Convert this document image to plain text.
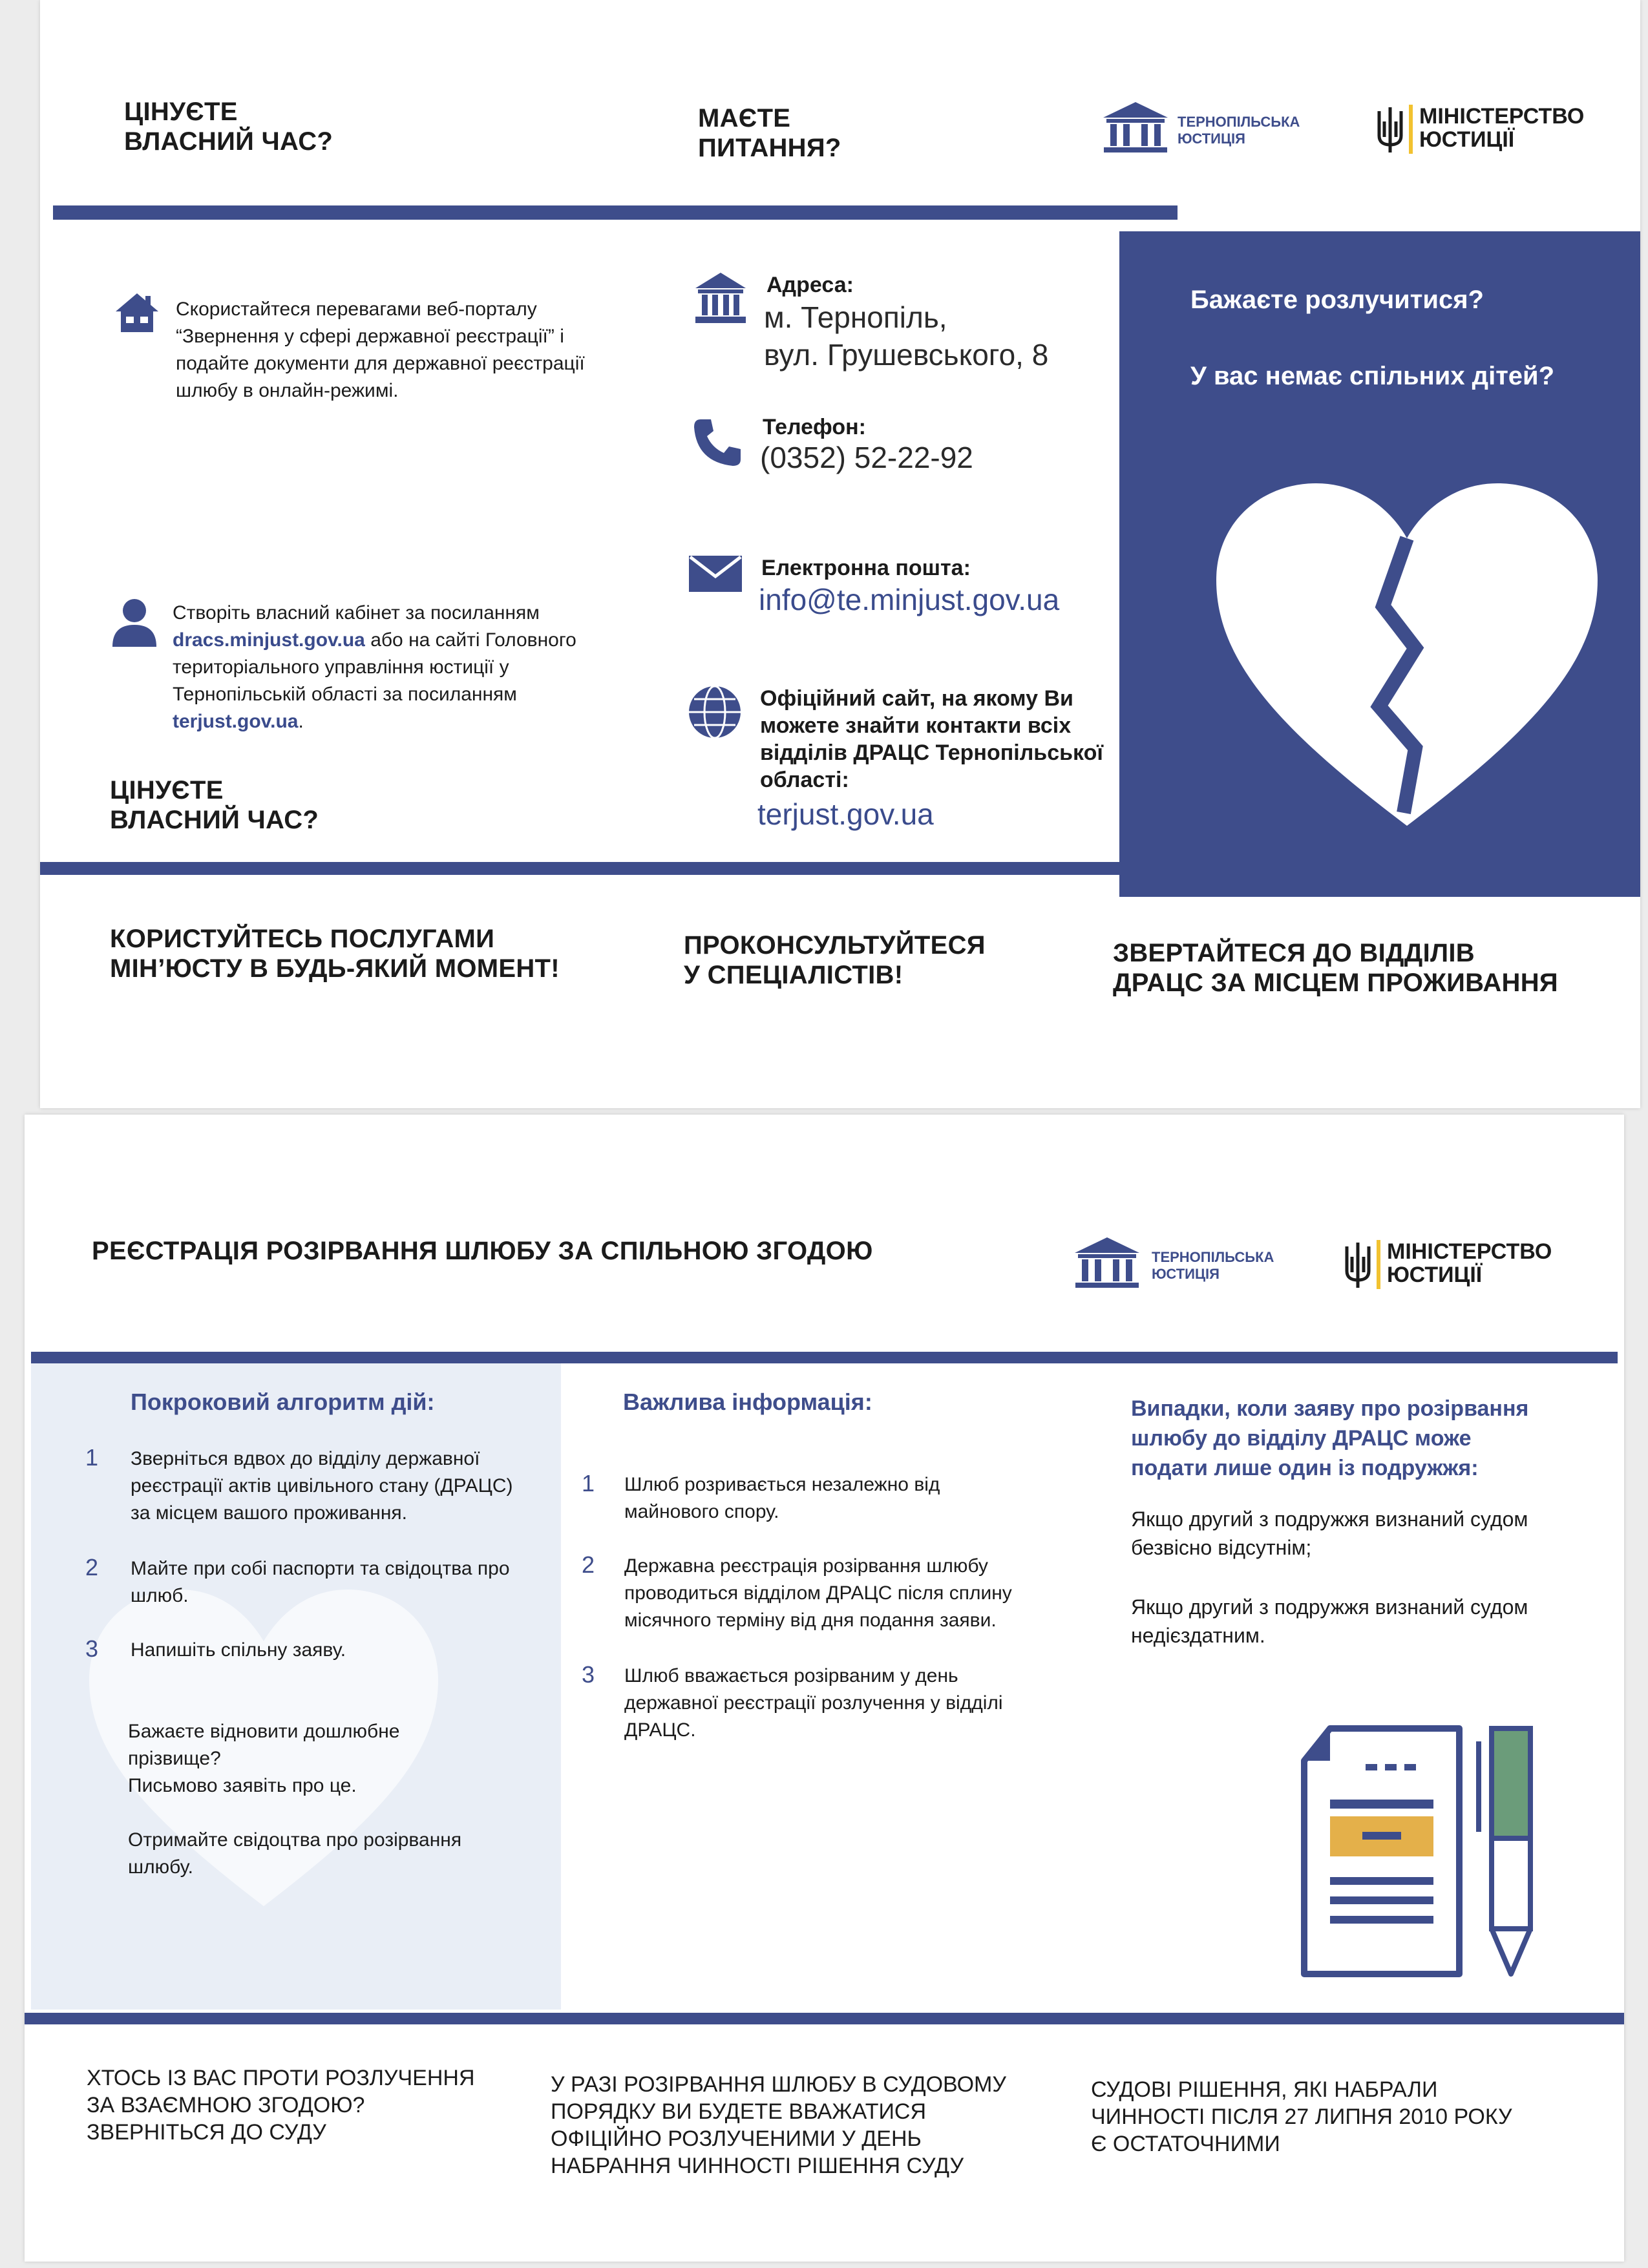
ЦІНУЄТЕ
ВЛАСНИЙ ЧАС?
МАЄТЕ
ПИТАННЯ?
ТЕРНОПІЛЬСЬКА
ЮСТИЦІЯ
МІНІСТЕРСТВО
ЮСТИЦІЇ
Бажаєте розлучитися?
У вас немає спільних дітей?
Скористайтеся перевагами веб-порталу “Звернення у сфері державної реєстрації” і подайте документи для державної реєстрації шлюбу в онлайн-режимі.
Створіть власний кабінет за посиланням dracs.minjust.gov.ua або на сайті Головного територіального управління юстиції у Тернопільській області за посиланням terjust.gov.ua.
ЦІНУЄТЕ
ВЛАСНИЙ ЧАС?
Адреса:
м. Тернопіль,
вул. Грушевського, 8
Телефон:
(0352) 52-22-92
Електронна пошта:
info@te.minjust.gov.ua
Офіційний сайт, на якому Ви можете знайти контакти всіх відділів ДРАЦС Тернопільської області:
terjust.gov.ua
КОРИСТУЙТЕСЬ ПОСЛУГАМИ
МІН’ЮСТУ В БУДЬ-ЯКИЙ МОМЕНТ!
ПРОКОНСУЛЬТУЙТЕСЯ
У СПЕЦІАЛІСТІВ!
ЗВЕРТАЙТЕСЯ ДО ВІДДІЛІВ
ДРАЦС ЗА МІСЦЕМ ПРОЖИВАННЯ
РЕЄСТРАЦІЯ РОЗІРВАННЯ ШЛЮБУ ЗА СПІЛЬНОЮ ЗГОДОЮ	ТЕРНОПІЛЬСЬКА
ЮСТИЦІЯ
МІНІСТЕРСТВО
ЮСТИЦІЇ
Покроковий алгоритм дій:
1 Зверніться вдвох до відділу державної реєстрації актів цивільного стану (ДРАЦС) за місцем вашого проживання.
2 Майте при собі паспорти та свідоцтва про шлюб.
3 Напишіть спільну заяву.
Бажаєте відновити дошлюбне прізвище?
Письмово заявіть про це.
Отримайте свідоцтва про розірвання шлюбу.
Важлива інформація:
1 Шлюб розривається незалежно від майнового спору.
2 Державна реєстрація розірвання шлюбу проводиться відділом ДРАЦС після сплину місячного терміну від дня подання заяви.
3 Шлюб вважається розірваним у день державної реєстрації розлучення у відділі ДРАЦС.
Випадки, коли заяву про розірвання шлюбу до відділу ДРАЦС може подати лише один із подружжя:
Якщо другий з подружжя визнаний судом безвісно відсутнім;
Якщо другий з подружжя визнаний судом недієздатним.
ХТОСЬ ІЗ ВАС ПРОТИ РОЗЛУЧЕННЯ
ЗА ВЗАЄМНОЮ ЗГОДОЮ?
ЗВЕРНІТЬСЯ ДО СУДУ
У РАЗІ РОЗІРВАННЯ ШЛЮБУ В СУДОВОМУ
ПОРЯДКУ ВИ БУДЕТЕ ВВАЖАТИСЯ
ОФІЦІЙНО РОЗЛУЧЕНИМИ У ДЕНЬ
НАБРАННЯ ЧИННОСТІ РІШЕННЯ СУДУ
СУДОВІ РІШЕННЯ, ЯКІ НАБРАЛИ
ЧИННОСТІ ПІСЛЯ 27 ЛИПНЯ 2010 РОКУ
Є ОСТАТОЧНИМИ
